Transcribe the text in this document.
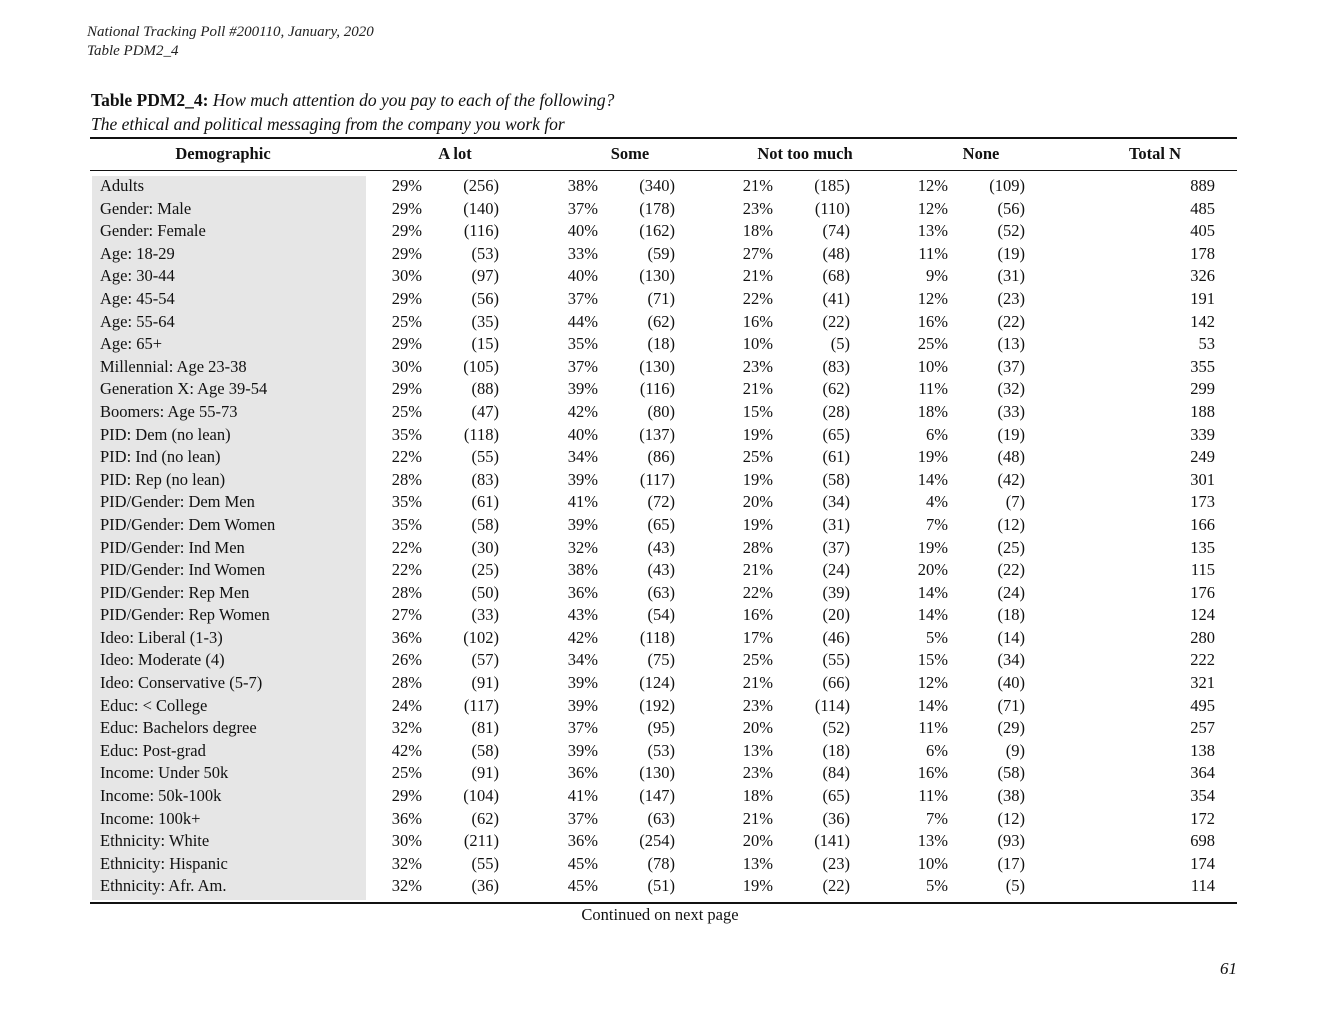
National Tracking Poll #200110, January, 2020
Table PDM2_4
Table PDM2_4: How much attention do you pay to each of the following?
The ethical and political messaging from the company you work for
Demographic	A lot	Some	Not too much	None	Total N
Adults	29%	(256)	38%	(340)	21%	(185)	12%	(109)	889
Gender: Male	29%	(140)	37%	(178)	23%	(110)	12%	(56)	485
Gender: Female	29%	(116)	40%	(162)	18%	(74)	13%	(52)	405
Age: 18-29	29%	(53)	33%	(59)	27%	(48)	11%	(19)	178
Age: 30-44	30%	(97)	40%	(130)	21%	(68)	9%	(31)	326
Age: 45-54	29%	(56)	37%	(71)	22%	(41)	12%	(23)	191
Age: 55-64	25%	(35)	44%	(62)	16%	(22)	16%	(22)	142
Age: 65+	29%	(15)	35%	(18)	10%	(5)	25%	(13)	53
Millennial: Age 23-38	30%	(105)	37%	(130)	23%	(83)	10%	(37)	355
Generation X: Age 39-54	29%	(88)	39%	(116)	21%	(62)	11%	(32)	299
Boomers: Age 55-73	25%	(47)	42%	(80)	15%	(28)	18%	(33)	188
PID: Dem (no lean)	35%	(118)	40%	(137)	19%	(65)	6%	(19)	339
PID: Ind (no lean)	22%	(55)	34%	(86)	25%	(61)	19%	(48)	249
PID: Rep (no lean)	28%	(83)	39%	(117)	19%	(58)	14%	(42)	301
PID/Gender: Dem Men	35%	(61)	41%	(72)	20%	(34)	4%	(7)	173
PID/Gender: Dem Women	35%	(58)	39%	(65)	19%	(31)	7%	(12)	166
PID/Gender: Ind Men	22%	(30)	32%	(43)	28%	(37)	19%	(25)	135
PID/Gender: Ind Women	22%	(25)	38%	(43)	21%	(24)	20%	(22)	115
PID/Gender: Rep Men	28%	(50)	36%	(63)	22%	(39)	14%	(24)	176
PID/Gender: Rep Women	27%	(33)	43%	(54)	16%	(20)	14%	(18)	124
Ideo: Liberal (1-3)	36%	(102)	42%	(118)	17%	(46)	5%	(14)	280
Ideo: Moderate (4)	26%	(57)	34%	(75)	25%	(55)	15%	(34)	222
Ideo: Conservative (5-7)	28%	(91)	39%	(124)	21%	(66)	12%	(40)	321
Educ: < College	24%	(117)	39%	(192)	23%	(114)	14%	(71)	495
Educ: Bachelors degree	32%	(81)	37%	(95)	20%	(52)	11%	(29)	257
Educ: Post-grad	42%	(58)	39%	(53)	13%	(18)	6%	(9)	138
Income: Under 50k	25%	(91)	36%	(130)	23%	(84)	16%	(58)	364
Income: 50k-100k	29%	(104)	41%	(147)	18%	(65)	11%	(38)	354
Income: 100k+	36%	(62)	37%	(63)	21%	(36)	7%	(12)	172
Ethnicity: White	30%	(211)	36%	(254)	20%	(141)	13%	(93)	698
Ethnicity: Hispanic	32%	(55)	45%	(78)	13%	(23)	10%	(17)	174
Ethnicity: Afr. Am.	32%	(36)	45%	(51)	19%	(22)	5%	(5)	114
Continued on next page
61
